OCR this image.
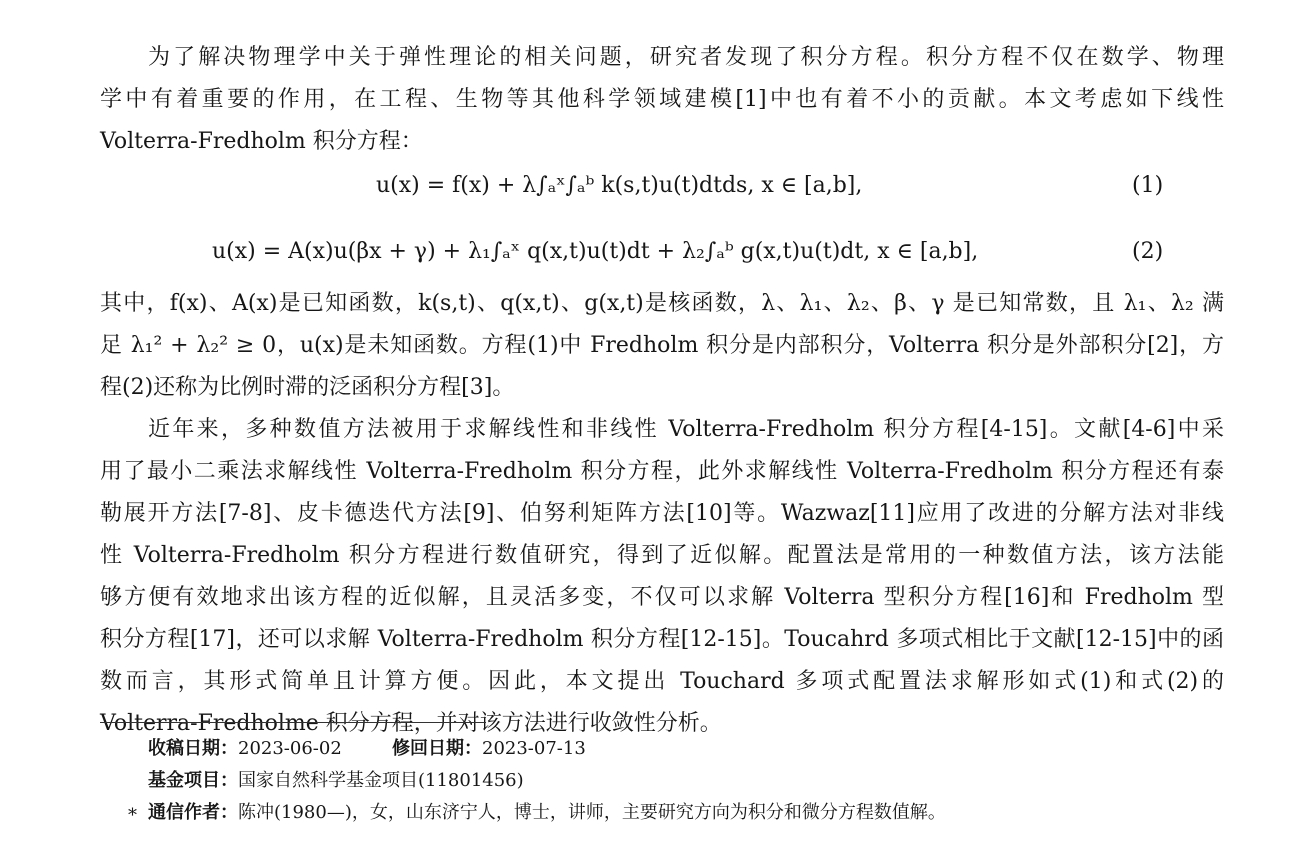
为了解决物理学中关于弹性理论的相关问题，研究者发现了积分方程。积分方程不仅在数学、物理
学中有着重要的作用，在工程、生物等其他科学领域建模[1]中也有着不小的贡献。本文考虑如下线性
Volterra-Fredholm 积分方程：
u(x) = f(x) + λ∫ₐˣ∫ₐᵇ k(s,t)u(t)dtds, x ∈ [a,b],	(1)
u(x) = A(x)u(βx + γ) + λ₁∫ₐˣ q(x,t)u(t)dt + λ₂∫ₐᵇ g(x,t)u(t)dt, x ∈ [a,b],	(2)
其中，f(x)、A(x)是已知函数，k(s,t)、q(x,t)、g(x,t)是核函数，λ、λ₁、λ₂、β、γ 是已知常数，且 λ₁、λ₂ 满
足 λ₁² + λ₂² ≥ 0，u(x)是未知函数。方程(1)中 Fredholm 积分是内部积分，Volterra 积分是外部积分[2]，方
程(2)还称为比例时滞的泛函积分方程[3]。
近年来，多种数值方法被用于求解线性和非线性 Volterra-Fredholm 积分方程[4-15]。文献[4-6]中采
用了最小二乘法求解线性 Volterra-Fredholm 积分方程，此外求解线性 Volterra-Fredholm 积分方程还有泰
勒展开方法[7-8]、皮卡德迭代方法[9]、伯努利矩阵方法[10]等。Wazwaz[11]应用了改进的分解方法对非线
性 Volterra-Fredholm 积分方程进行数值研究，得到了近似解。配置法是常用的一种数值方法，该方法能
够方便有效地求出该方程的近似解，且灵活多变，不仅可以求解 Volterra 型积分方程[16]和 Fredholm 型
积分方程[17]，还可以求解 Volterra-Fredholm 积分方程[12-15]。Toucahrd 多项式相比于文献[12-15]中的函
数而言，其形式简单且计算方便。因此，本文提出 Touchard 多项式配置法求解形如式(1)和式(2)的
Volterra-Fredholme 积分方程，并对该方法进行收敛性分析。
收稿日期：2023-06-02	修回日期：2023-07-13
基金项目：国家自然科学基金项目(11801456)
* 通信作者：陈冲(1980—)，女，山东济宁人，博士，讲师，主要研究方向为积分和微分方程数值解。
